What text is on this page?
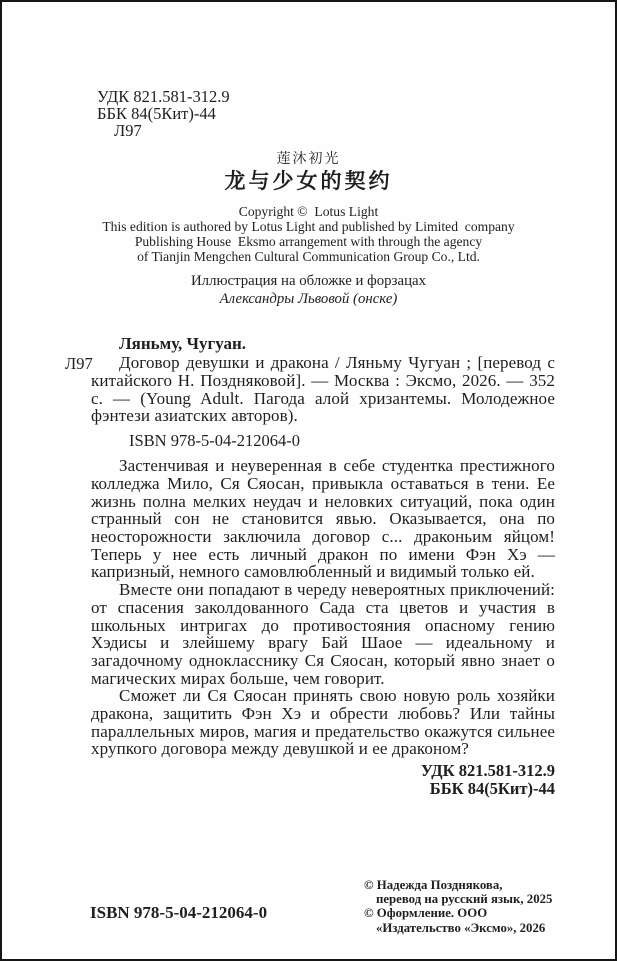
УДК 821.581-312.9
ББК 84(5Кит)-44
Л97
莲沐初光
龙与少女的契约
Copyright ©  Lotus Light
This edition is authored by Lotus Light and published by Limited  company
Publishing House  Eksmo arrangement with through the agency
of Tianjin Mengchen Cultural Communication Group Co., Ltd.
Иллюстрация на обложке и форзацах
Александры Львовой (онске)
Ляньму, Чугуан.
Л97	Договор девушки и дракона / Ляньму Чугуан ; [перевод с китайского Н. Поздняковой]. — Москва : Эксмо, 2026. — 352 с. — (Young Adult. Пагода алой хризантемы. Молодежное фэнтези азиатских авторов).

ISBN 978-5-04-212064-0

Застенчивая и неуверенная в себе студентка престижного колледжа Мило, Ся Сяосан, привыкла оставаться в тени. Ее жизнь полна мелких неудач и неловких ситуаций, пока один странный сон не становится явью. Оказывается, она по неосторожности заключила договор с... драконьим яйцом! Теперь у нее есть личный дракон по имени Фэн Хэ — капризный, немного самовлюбленный и видимый только ей.

Вместе они попадают в череду невероятных приключений: от спасения заколдованного Сада ста цветов и участия в школьных интригах до противостояния опасному гению Хэдисы и злейшему врагу Бай Шаое — идеальному и загадочному однокласснику Ся Сяосан, который явно знает о магических мирах больше, чем говорит.

Сможет ли Ся Сяосан принять свою новую роль хозяйки дракона, защитить Фэн Хэ и обрести любовь? Или тайны параллельных миров, магия и предательство окажутся сильнее хрупкого договора между девушкой и ее драконом?

УДК 821.581-312.9
ББК 84(5Кит)-44
ISBN 978-5-04-212064-0
© Надежда Позднякова,
перевод на русский язык, 2025
© Оформление. ООО
«Издательство «Эксмо», 2026
